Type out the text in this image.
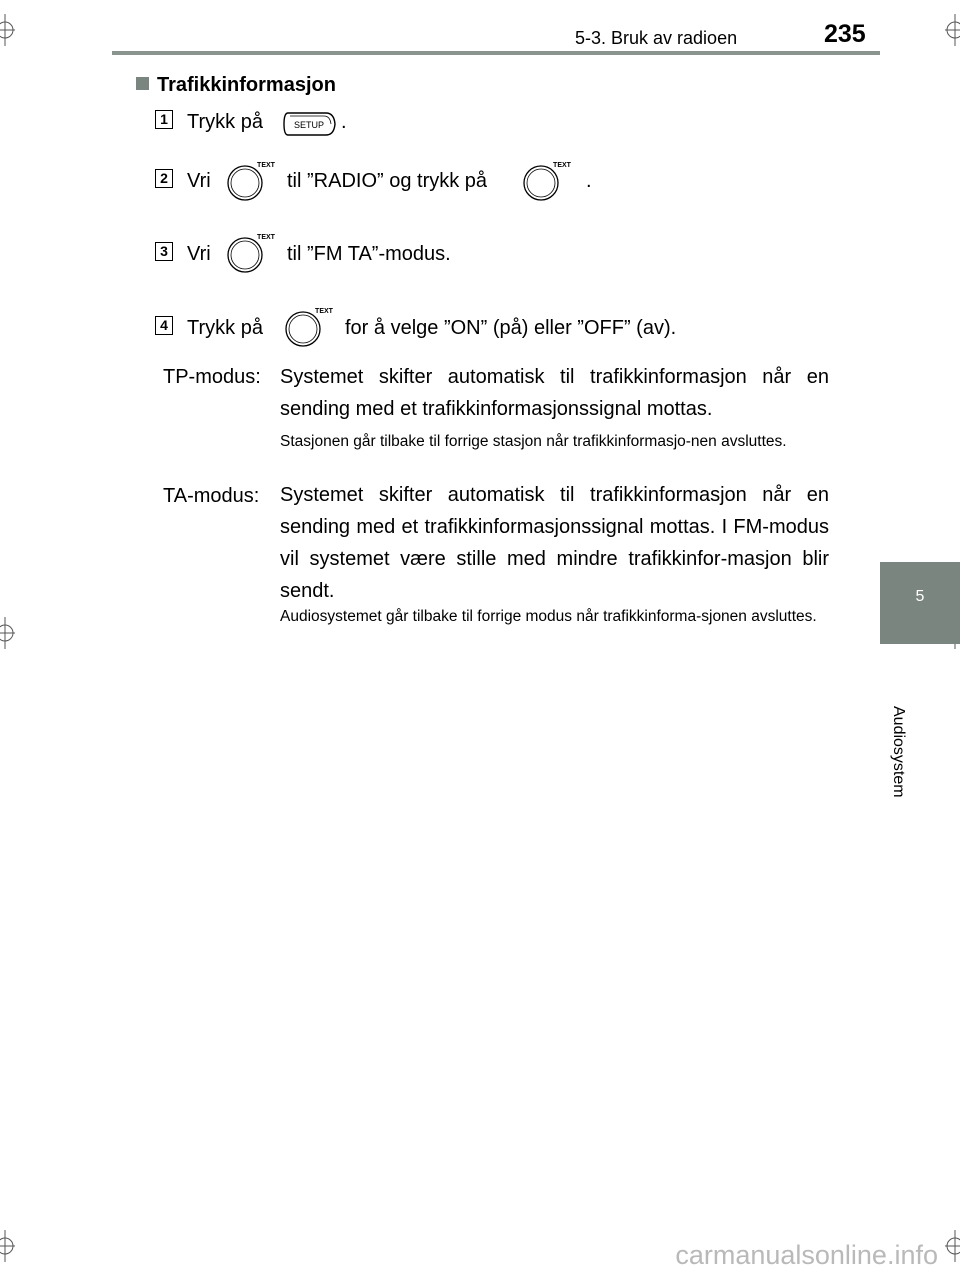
5-3. Bruk av radioen	235
5
Audiosystem
Trafikkinformasjon
1 Trykk på	SETUP .
2 Vri
TEXT
til ”RADIO” og trykk på
TEXT
.
3 Vri
TEXT
til ”FM TA”-modus.
4 Trykk på
TEXT
for å velge ”ON” (på) eller ”OFF” (av).
TP-modus: Systemet skifter automatisk til trafikkinformasjon når en sending med et trafikkinformasjonssignal mottas.
Stasjonen går tilbake til forrige stasjon når trafikkinformasjo-nen avsluttes.
TA-modus: Systemet skifter automatisk til trafikkinformasjon når en sending med et trafikkinformasjonssignal mottas. I FM-modus vil systemet være stille med mindre trafikkinfor-masjon blir sendt.
Audiosystemet går tilbake til forrige modus når trafikkinforma-sjonen avsluttes.
carmanualsonline.info
